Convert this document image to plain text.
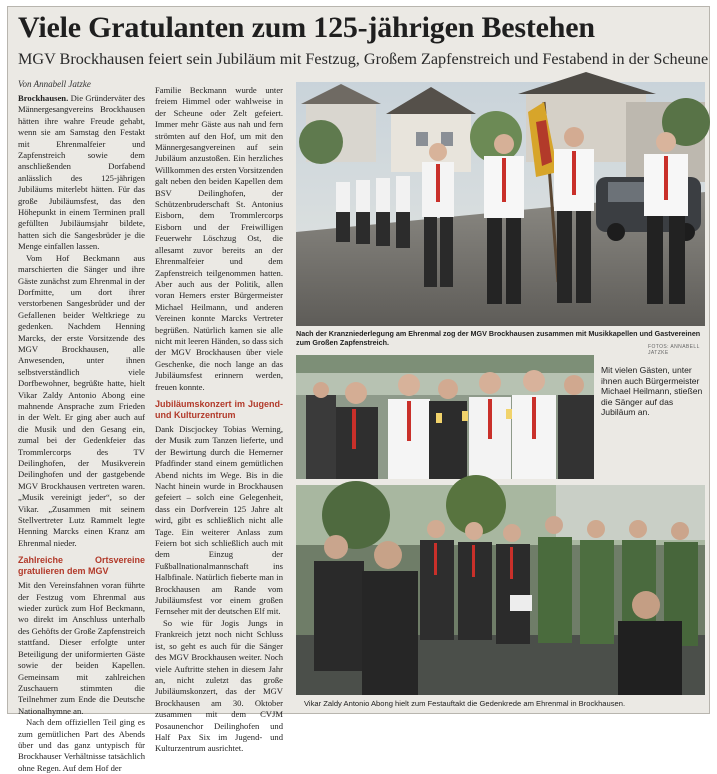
Viele Gratulanten zum 125-jährigen Bestehen
MGV Brockhausen feiert sein Jubiläum mit Festzug, Großem Zapfenstreich und Festabend in der Scheune
Von Annabell Jatzke

Brockhausen. Die Gründerväter des Männergesangvereins Brockhausen hätten ihre wahre Freude gehabt, wenn sie am Samstag den Festakt mit Ehrenmalfeier und Zapfenstreich sowie dem anschließenden Dorfabend anlässlich des 125-jährigen Jubiläums miterlebt hätten. Für das große Jubiläumsfest, das den Höhepunkt in einem Terminen prall gefüllten Jubiläumsjahr bildete, hatten sich die Sangesbrüder je die Menge einfallen lassen.

Vom Hof Beckmann aus marschierten die Sänger und ihre Gäste zunächst zum Ehrenmal in der Dorfmitte, um dort ihrer verstorbenen Sangesbrüder und der Gefallenen beider Weltkriege zu gedenken. Nachdem Henning Marcks, der erste Vorsitzende des MGV Brockhausen, alle Anwesenden, unter ihnen selbstverständlich viele Dorfbewohner, begrüßte hatte, hielt Vikar Zaldy Antonio Abong eine mahnende Ansprache zum Frieden in der Welt. Er ging aber auch auf die Musik und den Gesang ein, zumal bei der Gedenkfeier das Trommlercorps des TV Deilinghofen, der Musikverein Deilinghofen und der gastgebende MGV Brockhausen vertreten waren. „Musik vereinigt jeder“, so der Vikar. „Zusammen mit seinem Stellvertreter Lutz Rammelt legte Henning Marcks einen Kranz am Ehrenmal nieder.

Zahlreiche Ortsvereine gratulieren dem MGV

Mit den Vereinsfahnen voran führte der Festzug vom Ehrenmal aus wieder zurück zum Hof Beckmann, wo direkt im Anschluss unterhalb des Gehöfts der Große Zapfenstreich stattfand. Dieser erfolgte unter Beteiligung der uniformierten Gäste sowie der beiden Kapellen. Gemeinsam mit zahlreichen Zuschauern stimmten die Teilnehmer zum Ende die Deutsche Nationalhymne an.

Nach dem offiziellen Teil ging es zum gemütlichen Part des Abends über und das ganz untypisch für Brockhauser Verhältnisse tatsächlich ohne Regen. Auf dem Hof der

Familie Beckmann wurde unter freiem Himmel oder wahlweise in der Scheune oder Zelt gefeiert. Immer mehr Gäste aus nah und fern strömten auf den Hof, um mit den Männergesangvereinen auf sein Jubiläum anzustoßen. Ein herzliches Willkommen des ersten Vorsitzenden galt neben den beiden Kapellen dem BSV Deilinghofen, der Schützenbruderschaft St. Antonius Eisborn, dem Trommlercorps Eisborn und der Freiwilligen Feuerwehr Löschzug Ost, die allesamt zuvor bereits an der Ehrenmalfeier und dem Zapfenstreich teilgenommen hatten. Aber auch aus der Politik, allen voran Hemers erster Bürgermeister Michael Heilmann, und anderen Vereinen konnte Marcks Vertreter begrüßen. Natürlich kamen sie alle nicht mit leeren Händen, so dass sich der MGV Brockhausen über viele Geschenke, die noch lange an das Jubiläumsfest erinnern werden, freuen konnte.

Jubiläumskonzert im Jugend- und Kulturzentrum

Dank Discjockey Tobias Werning, der Musik zum Tanzen lieferte, und der Bewirtung durch die Hemerner Pfadfinder stand einem gemütlichen Abend nichts im Wege. Bis in die Nacht hinein wurde in Brockhausen gefeiert – solch eine Gelegenheit, dass ein Dorfverein 125 Jahre alt wird, gibt es schließlich nicht alle Tage. Ein weiterer Anlass zum Feiern bot sich schließlich auch mit dem Einzug der Fußballnationalmannschaft ins Halbfinale. Natürlich fieberte man in Brockhausen am Rande vom Jubiläumsfest vor einem großen Fernseher mit der deutschen Elf mit.

So wie für Jogis Jungs in Frankreich jetzt noch nicht Schluss ist, so geht es auch für die Sänger des MGV Brockhausen weiter. Noch viele Auftritte stehen in diesem Jahr an, nicht zuletzt das große Jubiläumskonzert, das der MGV Brockhausen am 30. Oktober zusammen mit dem CVJM Posaunenchor Deilinghofen und Half Pax Six im Jugend- und Kulturzentrum ausrichtet.

Nach der Kranzniederlegung am Ehrenmal zog der MGV Brockhausen zusammen mit Musikkapellen und Gastvereinen zum Großen Zapfenstreich.	FOTOS: ANNABELL JATZKE
Mit vielen Gästen, unter ihnen auch Bürgermeister Michael Heilmann, stießen die Sänger auf das Jubiläum an.
Vikar Zaldy Antonio Abong hielt zum Festauftakt die Gedenkrede am Ehrenmal in Brockhausen.
